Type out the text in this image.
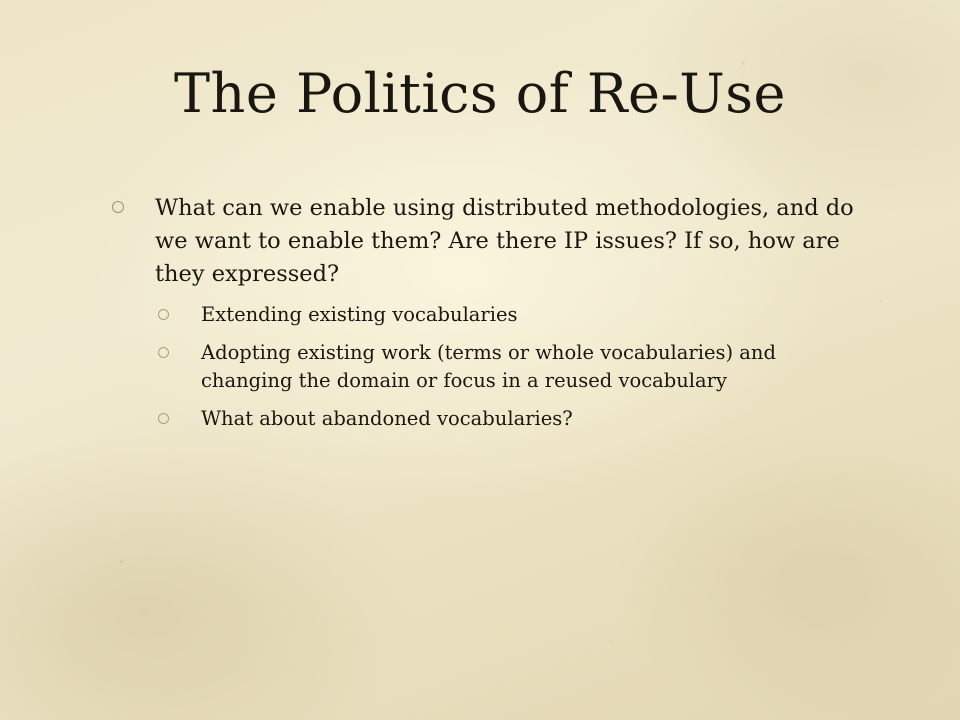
The Politics of Re-Use
What can we enable using distributed methodologies, and do we want to enable them? Are there IP issues? If so, how are they expressed?
Extending existing vocabularies
Adopting existing work (terms or whole vocabularies) and changing the domain or focus in a reused vocabulary
What about abandoned vocabularies?
